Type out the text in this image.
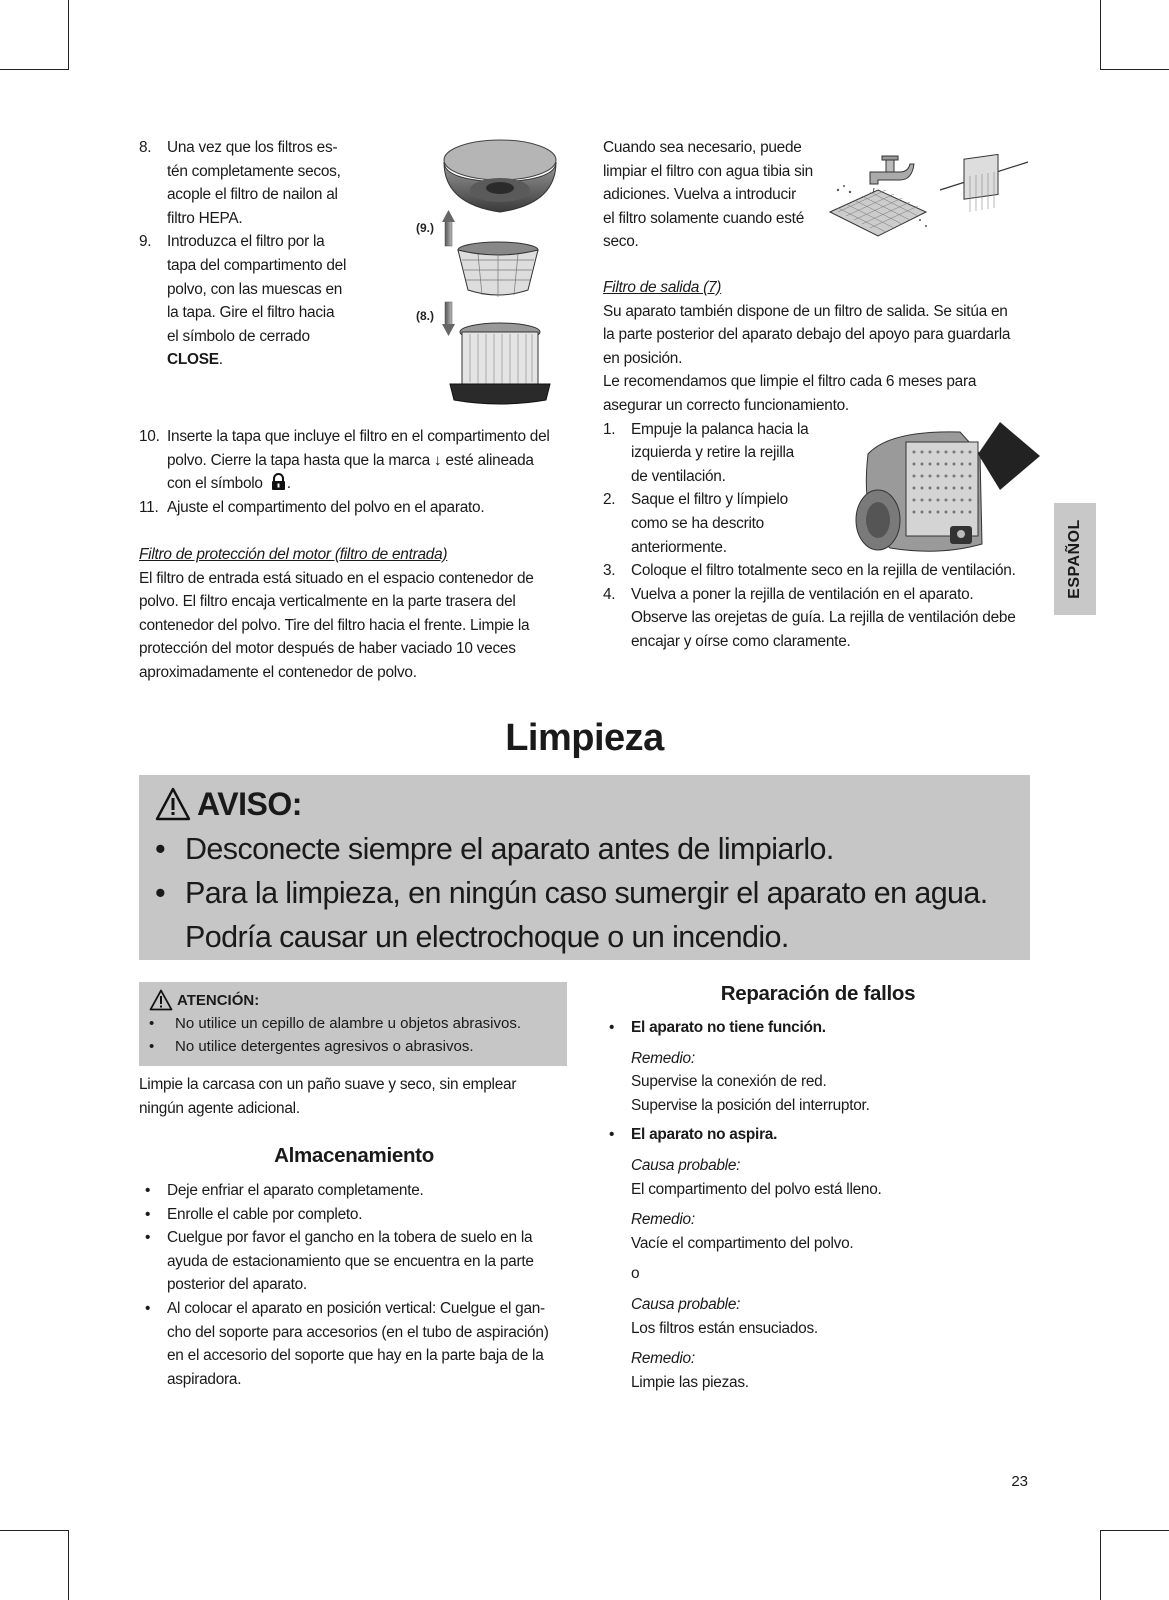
ESPAÑOL
8. Una vez que los filtros es-

tén completamente secos,

acople el filtro de nailon al

filtro HEPA.

9. Introduzca el filtro por la

tapa del compartimento del

polvo, con las muescas en

la tapa. Gire el filtro hacia

el símbolo de cerrado

CLOSE.

(9.)
(8.)
10. Inserte la tapa que incluye el filtro en el compartimento del

polvo. Cierre la tapa hasta que la marca ↓ esté alineada

con el símbolo .

11. Ajuste el compartimento del polvo en el aparato.

Filtro de protección del motor (filtro de entrada)

El filtro de entrada está situado en el espacio contenedor de

polvo. El filtro encaja verticalmente en la parte trasera del

contenedor del polvo. Tire del filtro hacia el frente. Limpie la

protección del motor después de haber vaciado 10 veces

aproximadamente el contenedor de polvo.

Cuando sea necesario, puede

limpiar el filtro con agua tibia sin

adiciones. Vuelva a introducir

el filtro solamente cuando esté

seco.

Filtro de salida (7)

Su aparato también dispone de un filtro de salida. Se sitúa en

la parte posterior del aparato debajo del apoyo para guardarla

en posición.

Le recomendamos que limpie el filtro cada 6 meses para

asegurar un correcto funcionamiento.

1. Empuje la palanca hacia la

izquierda y retire la rejilla

de ventilación.

2. Saque el filtro y límpielo

como se ha descrito

anteriormente.

3. Coloque el filtro totalmente seco en la rejilla de ventilación.

4. Vuelva a poner la rejilla de ventilación en el aparato.

Observe las orejetas de guía. La rejilla de ventilación debe

encajar y oírse como claramente.

Limpieza
AVISO:
• Desconecte siempre el aparato antes de limpiarlo.
• Para la limpieza, en ningún caso sumergir el aparato en agua.
Podría causar un electrochoque o un incendio.
ATENCIÓN:
• No utilice un cepillo de alambre u objetos abrasivos.
• No utilice detergentes agresivos o abrasivos.

Limpie la carcasa con un paño suave y seco, sin emplear

ningún agente adicional.

Almacenamiento

• Deje enfriar el aparato completamente.

• Enrolle el cable por completo.

• Cuelgue por favor el gancho en la tobera de suelo en la

ayuda de estacionamiento que se encuentra en la parte

posterior del aparato.

• Al colocar el aparato en posición vertical: Cuelgue el gan-

cho del soporte para accesorios (en el tubo de aspiración)

en el accesorio del soporte que hay en la parte baja de la

aspiradora.

Reparación de fallos

• El aparato no tiene función.

Remedio:

Supervise la conexión de red.

Supervise la posición del interruptor.

• El aparato no aspira.

Causa probable:

El compartimento del polvo está lleno.

Remedio:

Vacíe el compartimento del polvo.

o

Causa probable:

Los filtros están ensuciados.

Remedio:

Limpie las piezas.

23
